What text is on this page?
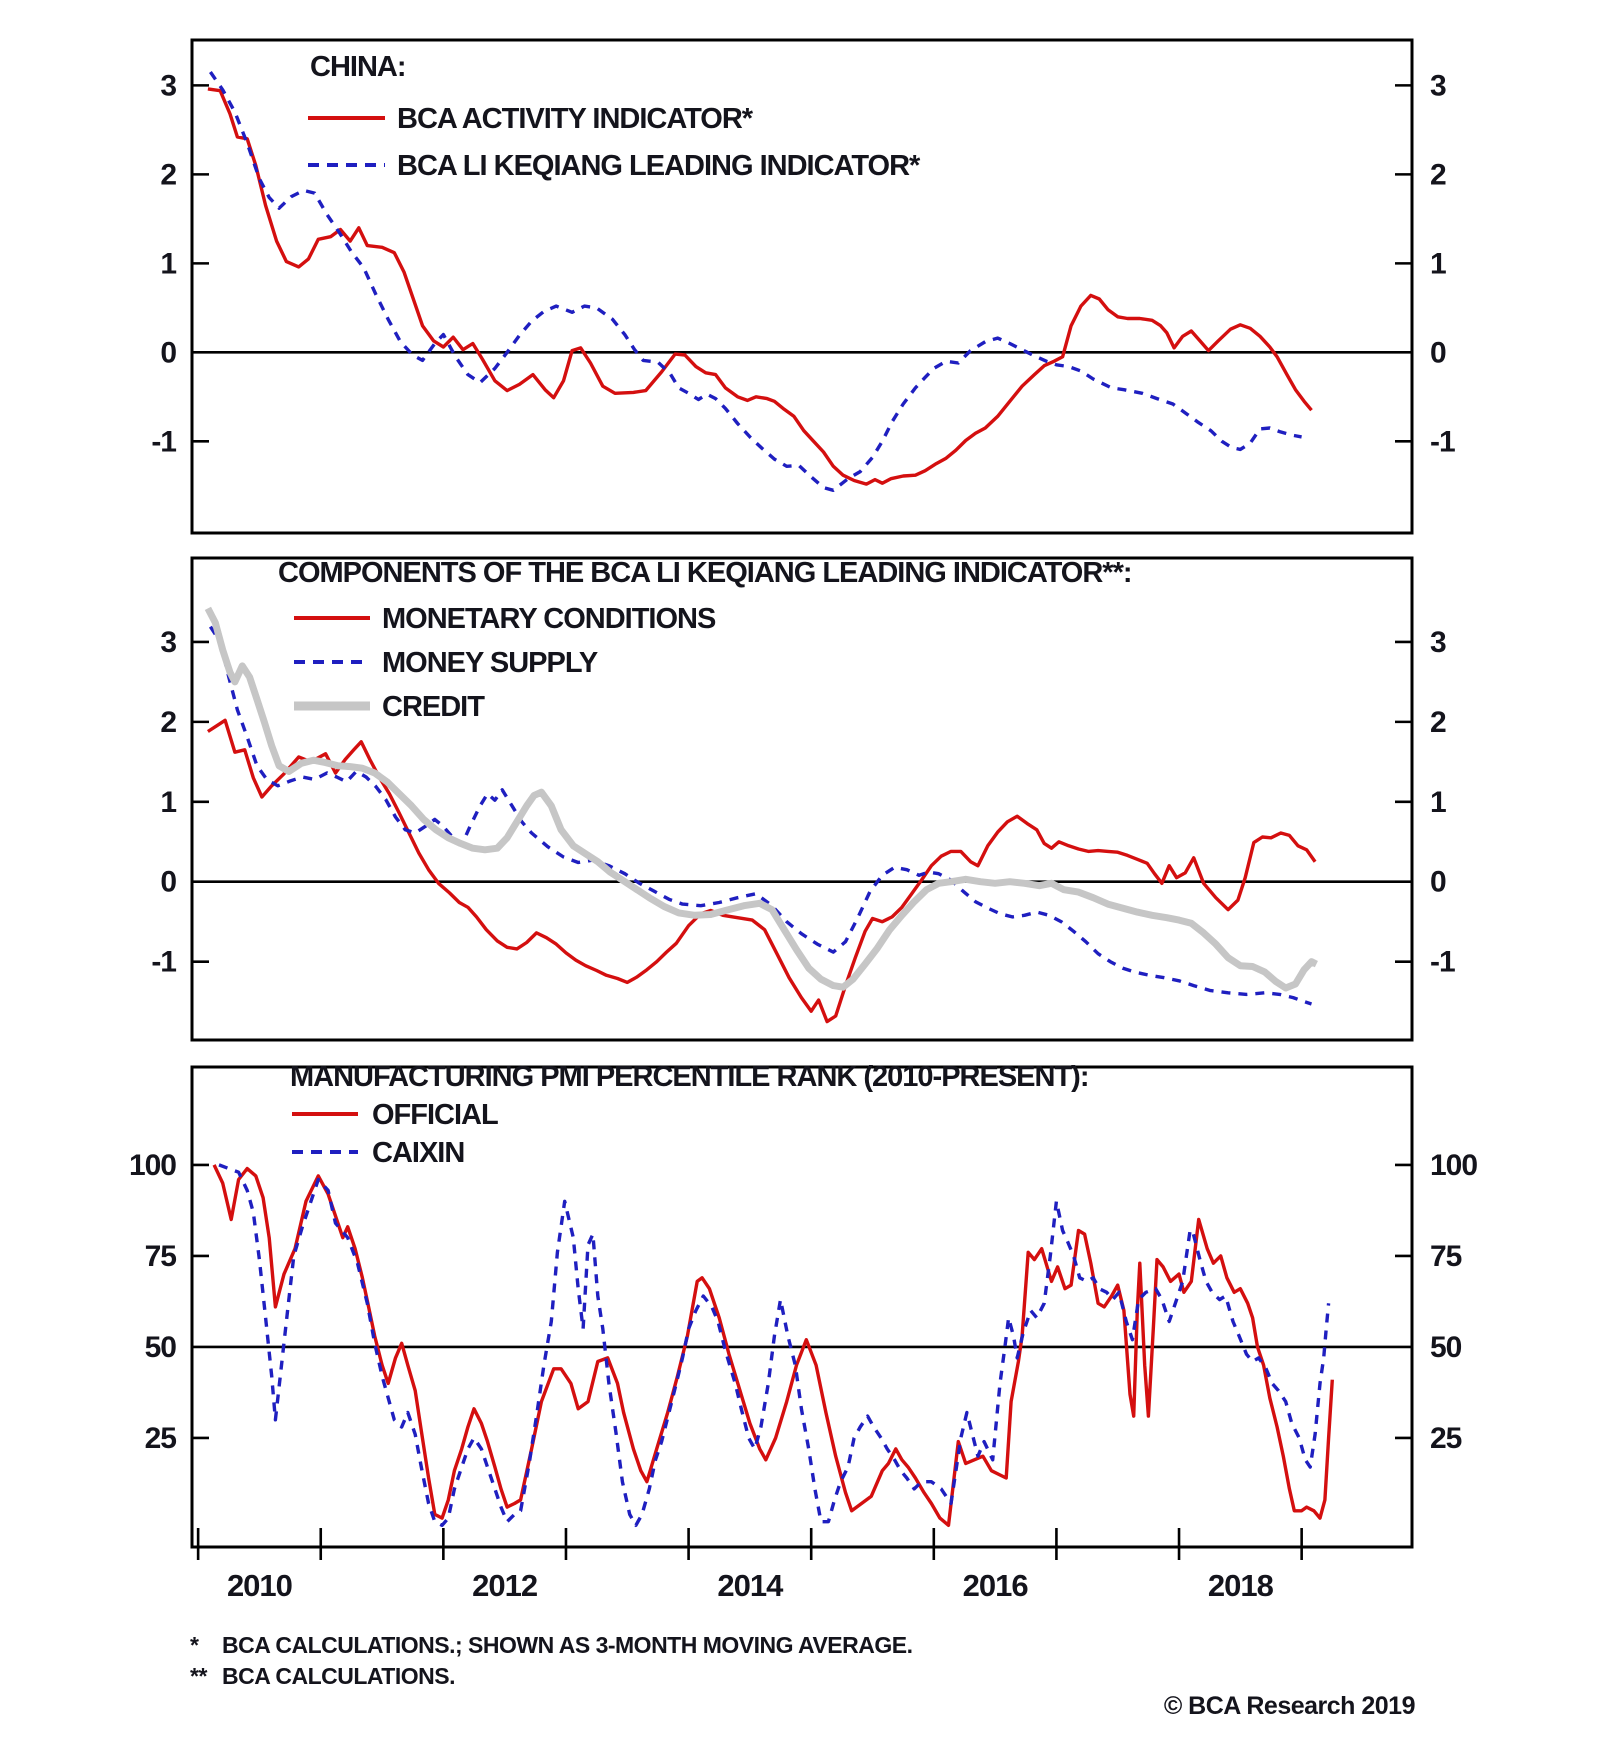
-1	-1
0	0
1	1
2	2
3	3
CHINA:
BCA ACTIVITY INDICATOR*
BCA LI KEQIANG LEADING INDICATOR*
-1	-1
0	0
1	1
2	2
3	3
COMPONENTS OF THE BCA LI KEQIANG LEADING INDICATOR**:
MONETARY CONDITIONS
MONEY SUPPLY
CREDIT
25	25
50	50
75	75
100	100
2010	2012	2014	2016	2018
MANUFACTURING PMI PERCENTILE RANK (2010-PRESENT):
OFFICIAL
CAIXIN
* BCA CALCULATIONS.; SHOWN AS 3-MONTH MOVING AVERAGE.
** BCA CALCULATIONS.
© BCA Research 2019
